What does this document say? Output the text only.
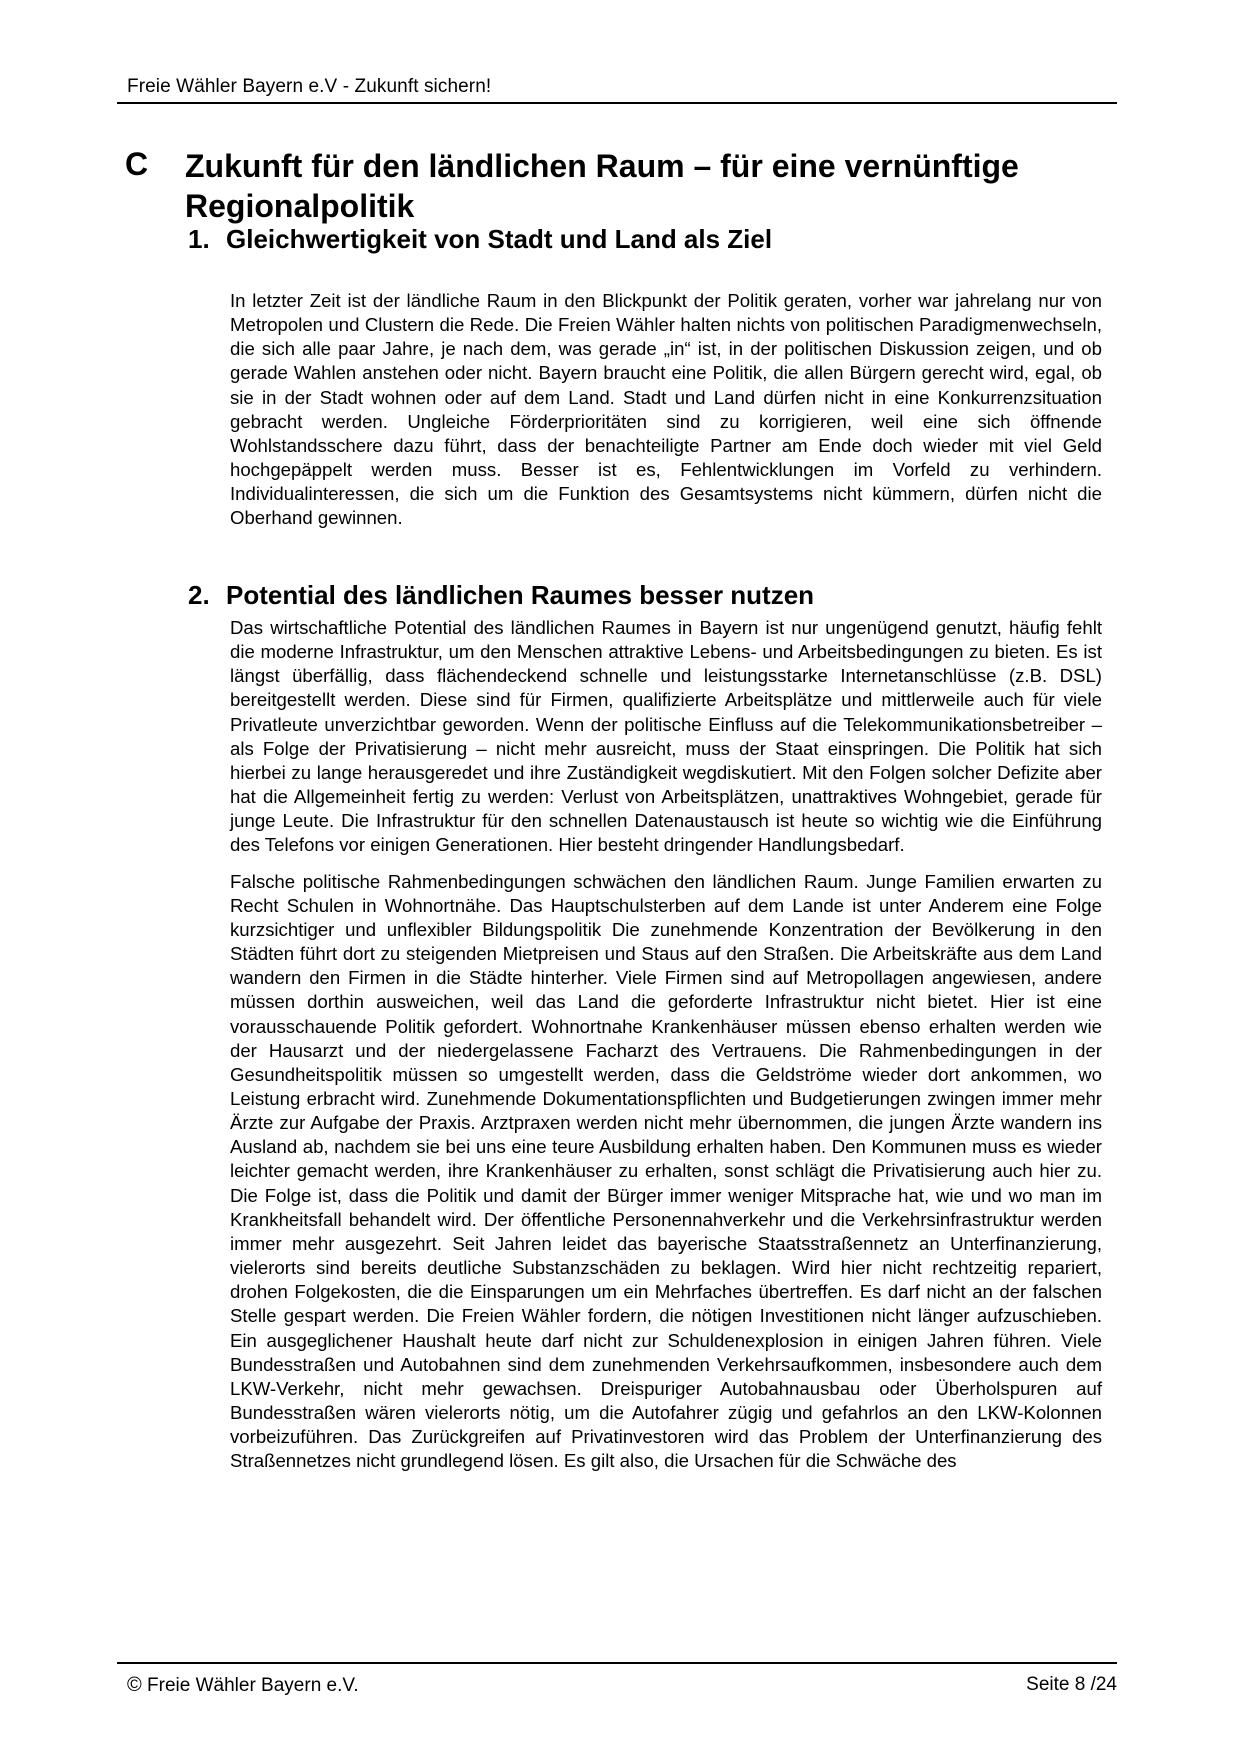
Freie Wähler Bayern e.V - Zukunft sichern!
C Zukunft für den ländlichen Raum – für eine vernünftige Regionalpolitik
1. Gleichwertigkeit von Stadt und Land als Ziel

In letzter Zeit ist der ländliche Raum in den Blickpunkt der Politik geraten, vorher war jahrelang nur von Metropolen und Clustern die Rede. Die Freien Wähler halten nichts von politischen Paradigmenwechseln, die sich alle paar Jahre, je nach dem, was gerade „in“ ist, in der politischen Diskussion zeigen, und ob gerade Wahlen anstehen oder nicht. Bayern braucht eine Politik, die allen Bürgern gerecht wird, egal, ob sie in der Stadt wohnen oder auf dem Land. Stadt und Land dürfen nicht in eine Konkurrenzsituation gebracht werden. Ungleiche Förderprioritäten sind zu korrigieren, weil eine sich öffnende Wohlstandsschere dazu führt, dass der benachteiligte Partner am Ende doch wieder mit viel Geld hochgepäppelt werden muss. Besser ist es, Fehlentwicklungen im Vorfeld zu verhindern. Individualinteressen, die sich um die Funktion des Gesamtsystems nicht kümmern, dürfen nicht die Oberhand gewinnen.

2. Potential des ländlichen Raumes besser nutzen

Das wirtschaftliche Potential des ländlichen Raumes in Bayern ist nur ungenügend genutzt, häufig fehlt die moderne Infrastruktur, um den Menschen attraktive Lebens- und Arbeitsbedingungen zu bieten. Es ist längst überfällig, dass flächendeckend schnelle und leistungsstarke Internetanschlüsse (z.B. DSL) bereitgestellt werden. Diese sind für Firmen, qualifizierte Arbeitsplätze und mittlerweile auch für viele Privatleute unverzichtbar geworden. Wenn der politische Einfluss auf die Telekommunikationsbetreiber – als Folge der Privatisierung – nicht mehr ausreicht, muss der Staat einspringen. Die Politik hat sich hierbei zu lange herausgeredet und ihre Zuständigkeit wegdiskutiert. Mit den Folgen solcher Defizite aber hat die Allgemeinheit fertig zu werden: Verlust von Arbeitsplätzen, unattraktives Wohngebiet, gerade für junge Leute. Die Infrastruktur für den schnellen Datenaustausch ist heute so wichtig wie die Einführung des Telefons vor einigen Generationen. Hier besteht dringender Handlungsbedarf.

Falsche politische Rahmenbedingungen schwächen den ländlichen Raum. Junge Familien erwarten zu Recht Schulen in Wohnortnähe. Das Hauptschulsterben auf dem Lande ist unter Anderem eine Folge kurzsichtiger und unflexibler Bildungspolitik Die zunehmende Konzentration der Bevölkerung in den Städten führt dort zu steigenden Mietpreisen und Staus auf den Straßen. Die Arbeitskräfte aus dem Land wandern den Firmen in die Städte hinterher. Viele Firmen sind auf Metropollagen angewiesen, andere müssen dorthin ausweichen, weil das Land die geforderte Infrastruktur nicht bietet. Hier ist eine vorausschauende Politik gefordert. Wohnortnahe Krankenhäuser müssen ebenso erhalten werden wie der Hausarzt und der niedergelassene Facharzt des Vertrauens. Die Rahmenbedingungen in der Gesundheitspolitik müssen so umgestellt werden, dass die Geldströme wieder dort ankommen, wo Leistung erbracht wird. Zunehmende Dokumentationspflichten und Budgetierungen zwingen immer mehr Ärzte zur Aufgabe der Praxis. Arztpraxen werden nicht mehr übernommen, die jungen Ärzte wandern ins Ausland ab, nachdem sie bei uns eine teure Ausbildung erhalten haben. Den Kommunen muss es wieder leichter gemacht werden, ihre Krankenhäuser zu erhalten, sonst schlägt die Privatisierung auch hier zu. Die Folge ist, dass die Politik und damit der Bürger immer weniger Mitsprache hat, wie und wo man im Krankheitsfall behandelt wird. Der öffentliche Personennahverkehr und die Verkehrsinfrastruktur werden immer mehr ausgezehrt. Seit Jahren leidet das bayerische Staatsstraßennetz an Unterfinanzierung, vielerorts sind bereits deutliche Substanzschäden zu beklagen. Wird hier nicht rechtzeitig repariert, drohen Folgekosten, die die Einsparungen um ein Mehrfaches übertreffen. Es darf nicht an der falschen Stelle gespart werden. Die Freien Wähler fordern, die nötigen Investitionen nicht länger aufzuschieben. Ein ausgeglichener Haushalt heute darf nicht zur Schuldenexplosion in einigen Jahren führen. Viele Bundesstraßen und Autobahnen sind dem zunehmenden Verkehrsaufkommen, insbesondere auch dem LKW-Verkehr, nicht mehr gewachsen. Dreispuriger Autobahnausbau oder Überholspuren auf Bundesstraßen wären vielerorts nötig, um die Autofahrer zügig und gefahrlos an den LKW-Kolonnen vorbeizuführen. Das Zurückgreifen auf Privatinvestoren wird das Problem der Unterfinanzierung des Straßennetzes nicht grundlegend lösen. Es gilt also, die Ursachen für die Schwäche des

© Freie Wähler Bayern e.V.	Seite 8 /24
